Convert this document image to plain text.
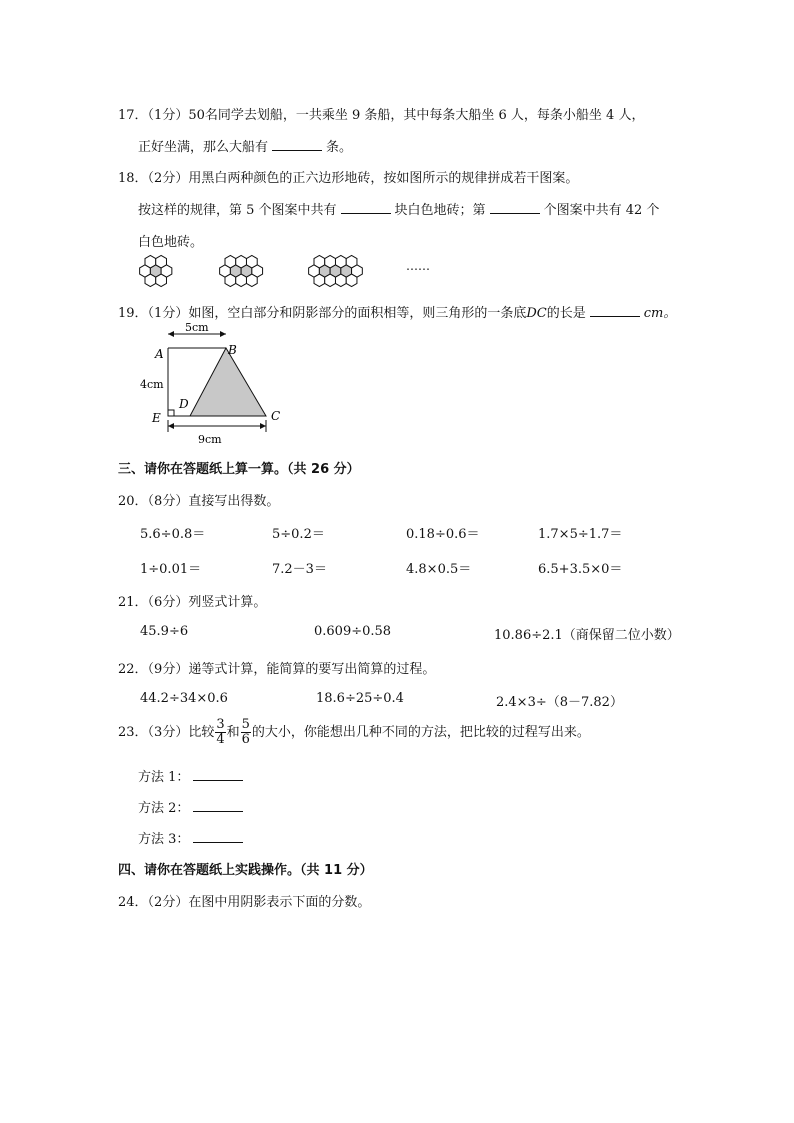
17．（1分）50名同学去划船，一共乘坐 9 条船，其中每条大船坐 6 人，每条小船坐 4 人，
正好坐满，那么大船有	条。
18．（2分）用黑白两种颜色的正六边形地砖，按如图所示的规律拼成若干图案。
按这样的规律，第 5 个图案中共有	块白色地砖；第	个图案中共有 42 个
白色地砖。
……
19．（1分）如图，空白部分和阴影部分的面积相等，则三角形的一条底DC的长是	cm。
5cm
9cm
4cm
A	B
C
D
E
三、请你在答题纸上算一算。（共 26 分）
20．（8分）直接写出得数。
5.6÷0.8＝	5÷0.2＝	0.18÷0.6＝	1.7×5÷1.7＝
1÷0.01＝	7.2－3＝	4.8×0.5＝	6.5+3.5×0＝
21．（6分）列竖式计算。
45.9÷6	0.609÷0.58	10.86÷2.1（商保留二位小数）
22．（9分）递等式计算，能简算的要写出简算的过程。
44.2÷34×0.6	18.6÷25÷0.4	2.4×3÷（8－7.82）
23．（3分）比较 $\frac{3}{4}$ 和 $\frac{5}{6}$ 的大小，你能想出几种不同的方法，把比较的过程写出来。
方法 1：
方法 2：
方法 3：
四、请你在答题纸上实践操作。（共 11 分）
24．（2分）在图中用阴影表示下面的分数。
